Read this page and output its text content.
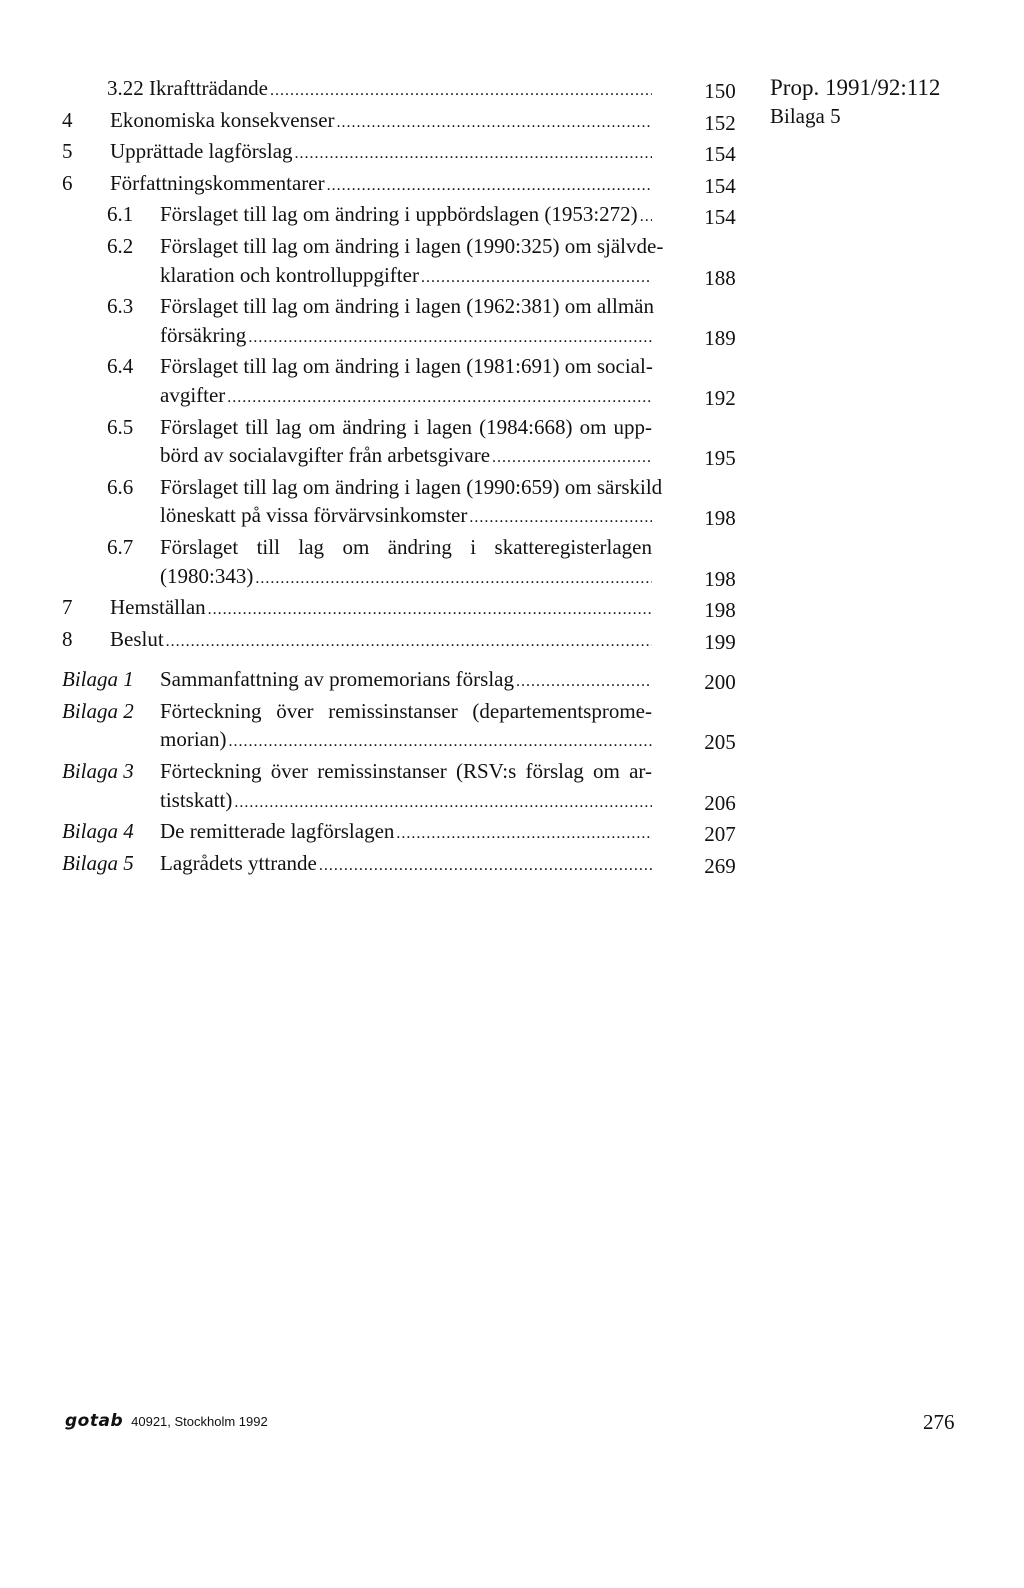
Prop. 1991/92:112
Bilaga 5
3.22 Ikraftträdande . . .	150
4 Ekonomiska konsekvenser . . .	152
5 Upprättade lagförslag . . .	154
6 Författningskommentarer . . .	154
6.1 Förslaget till lag om ändring i uppbördslagen (1953:272) . . .	154
6.2 Förslaget till lag om ändring i lagen (1990:325) om självde-
klaration och kontrolluppgifter . . .	188
6.3 Förslaget till lag om ändring i lagen (1962:381) om allmän
försäkring . . .	189
6.4 Förslaget till lag om ändring i lagen (1981:691) om social-
avgifter . . .	192
6.5 Förslaget till lag om ändring i lagen (1984:668) om upp-
börd av socialavgifter från arbetsgivare . . .	195
6.6 Förslaget till lag om ändring i lagen (1990:659) om särskild
löneskatt på vissa förvärvsinkomster . . .	198
6.7 Förslaget till lag om ändring i skatteregisterlagen
(1980:343) . . .	198
7 Hemställan . . .	198
8 Beslut . . .	199
Bilaga 1 Sammanfattning av promemorians förslag . . .	200
Bilaga 2 Förteckning över remissinstanser (departementsprome-
morian) . . .	205
Bilaga 3 Förteckning över remissinstanser (RSV:s förslag om ar-
tistskatt) . . .	206
Bilaga 4 De remitterade lagförslagen . . .	207
Bilaga 5 Lagrådets yttrande . . .	269
gotab 40921, Stockholm 1992	276
